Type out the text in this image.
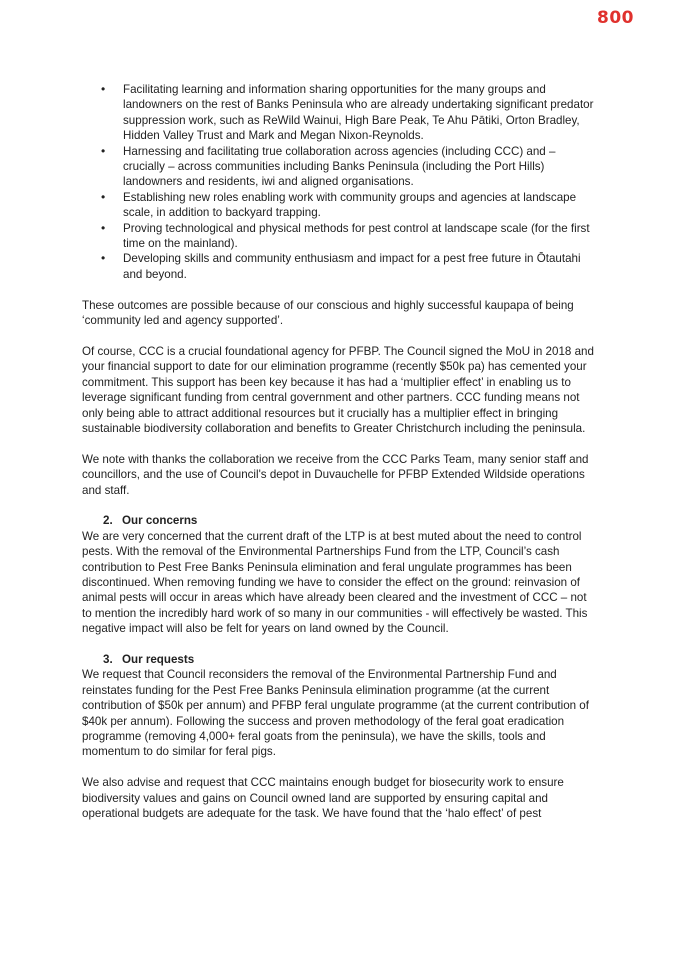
800
• Facilitating learning and information sharing opportunities for the many groups and landowners on the rest of Banks Peninsula who are already undertaking significant predator suppression work, such as ReWild Wainui, High Bare Peak, Te Ahu Pātiki, Orton Bradley, Hidden Valley Trust and Mark and Megan Nixon-Reynolds.
• Harnessing and facilitating true collaboration across agencies (including CCC) and – crucially – across communities including Banks Peninsula (including the Port Hills) landowners and residents, iwi and aligned organisations.
• Establishing new roles enabling work with community groups and agencies at landscape scale, in addition to backyard trapping.
• Proving technological and physical methods for pest control at landscape scale (for the first time on the mainland).
• Developing skills and community enthusiasm and impact for a pest free future in Ōtautahi and beyond.

These outcomes are possible because of our conscious and highly successful kaupapa of being ‘community led and agency supported’.

Of course, CCC is a crucial foundational agency for PFBP. The Council signed the MoU in 2018 and your financial support to date for our elimination programme (recently $50k pa) has cemented your commitment. This support has been key because it has had a ‘multiplier effect’ in enabling us to leverage significant funding from central government and other partners. CCC funding means not only being able to attract additional resources but it crucially has a multiplier effect in bringing sustainable biodiversity collaboration and benefits to Greater Christchurch including the peninsula.

We note with thanks the collaboration we receive from the CCC Parks Team, many senior staff and councillors, and the use of Council's depot in Duvauchelle for PFBP Extended Wildside operations and staff.

2. Our concerns

We are very concerned that the current draft of the LTP is at best muted about the need to control pests. With the removal of the Environmental Partnerships Fund from the LTP, Council’s cash contribution to Pest Free Banks Peninsula elimination and feral ungulate programmes has been discontinued. When removing funding we have to consider the effect on the ground: reinvasion of animal pests will occur in areas which have already been cleared and the investment of CCC – not to mention the incredibly hard work of so many in our communities - will effectively be wasted. This negative impact will also be felt for years on land owned by the Council.

3. Our requests

We request that Council reconsiders the removal of the Environmental Partnership Fund and reinstates funding for the Pest Free Banks Peninsula elimination programme (at the current contribution of $50k per annum) and PFBP feral ungulate programme (at the current contribution of $40k per annum). Following the success and proven methodology of the feral goat eradication programme (removing 4,000+ feral goats from the peninsula), we have the skills, tools and momentum to do similar for feral pigs.

We also advise and request that CCC maintains enough budget for biosecurity work to ensure biodiversity values and gains on Council owned land are supported by ensuring capital and operational budgets are adequate for the task. We have found that the ‘halo effect’ of pest
